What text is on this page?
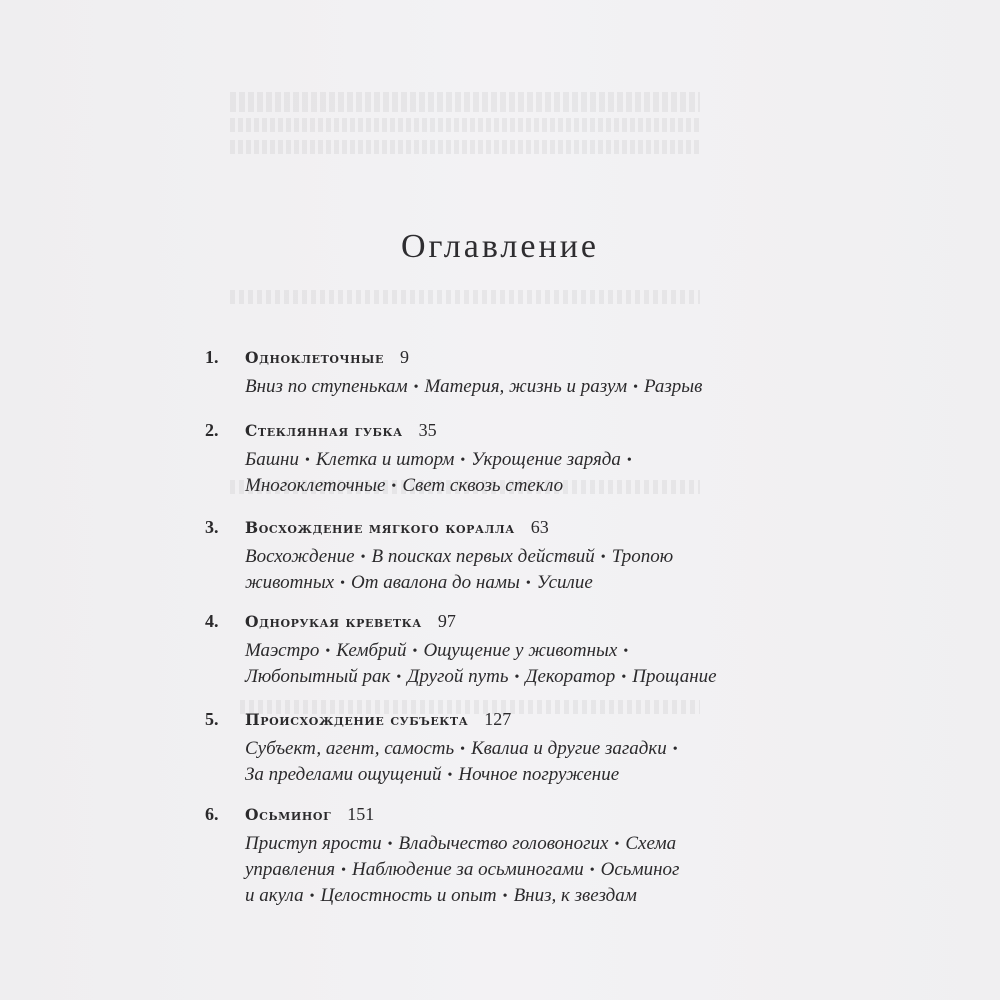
Оглавление
1. Одноклеточные 9
Вниз по ступенькам • Материя, жизнь и разум • Разрыв
2. Стеклянная губка 35
Башни • Клетка и шторм • Укрощение заряда •
Многоклеточные • Свет сквозь стекло
3. Восхождение мягкого коралла 63
Восхождение • В поисках первых действий • Тропою
животных • От авалона до намы • Усилие
4. Однорукая креветка 97
Маэстро • Кембрий • Ощущение у животных •
Любопытный рак • Другой путь • Декоратор • Прощание
5. Происхождение субъекта 127
Субъект, агент, самость • Квалиа и другие загадки •
За пределами ощущений • Ночное погружение
6. Осьминог 151
Приступ ярости • Владычество головоногих • Схема
управления • Наблюдение за осьминогами • Осьминог
и акула • Целостность и опыт • Вниз, к звездам
